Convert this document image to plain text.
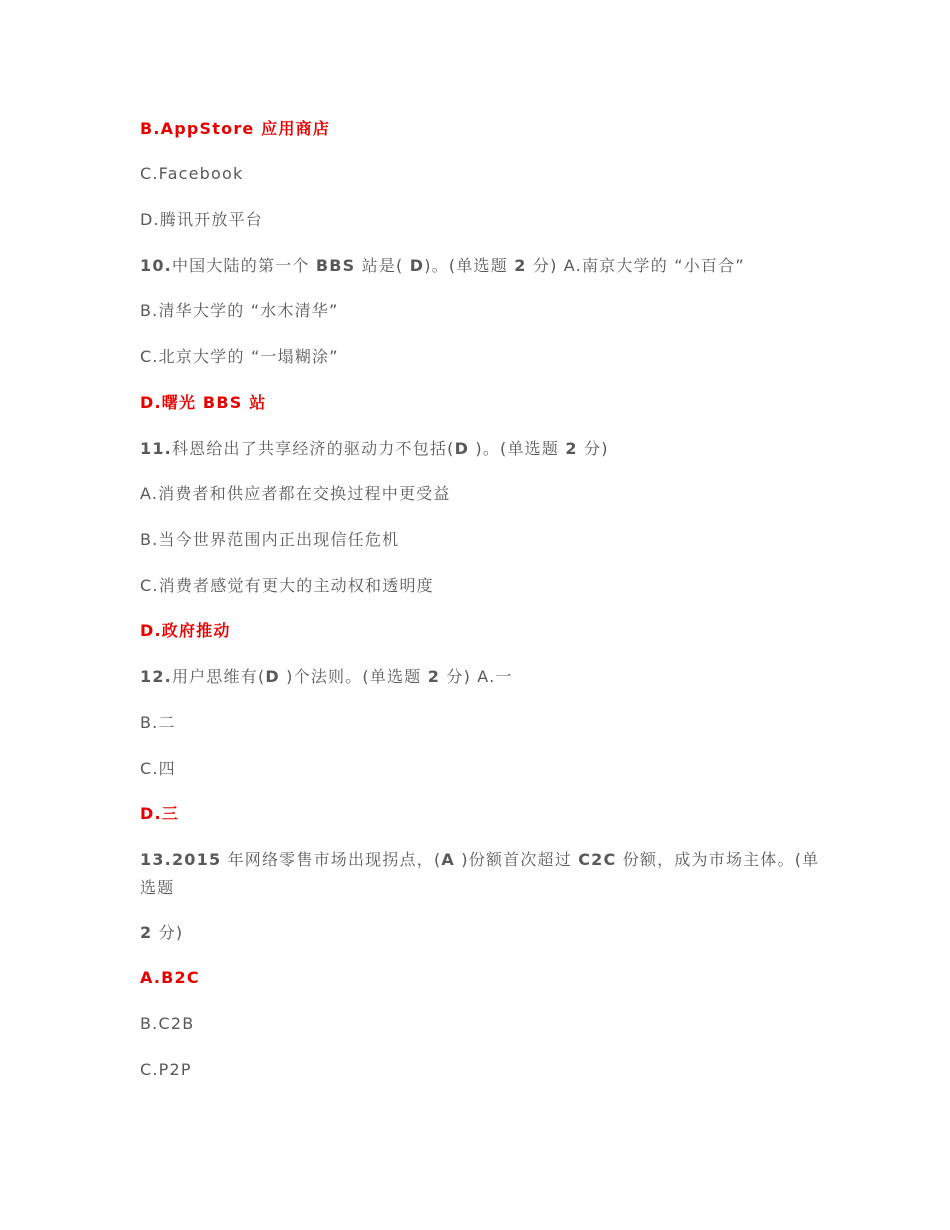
B.AppStore 应用商店
C.Facebook
D.腾讯开放平台
10.中国大陆的第一个 BBS 站是( D)。(单选题 2 分) A.南京大学的 “小百合”
B.清华大学的 “水木清华”
C.北京大学的 “一塌糊涂”
D.曙光 BBS 站
11.科恩给出了共享经济的驱动力不包括(D )。(单选题 2 分)
A.消费者和供应者都在交换过程中更受益
B.当今世界范围内正出现信任危机
C.消费者感觉有更大的主动权和透明度
D.政府推动
12.用户思维有(D )个法则。(单选题 2 分) A.一
B.二
C.四
D.三
13.2015 年网络零售市场出现拐点，(A )份额首次超过 C2C 份额，成为市场主体。(单选题
2 分)
A.B2C
B.C2B
C.P2P
